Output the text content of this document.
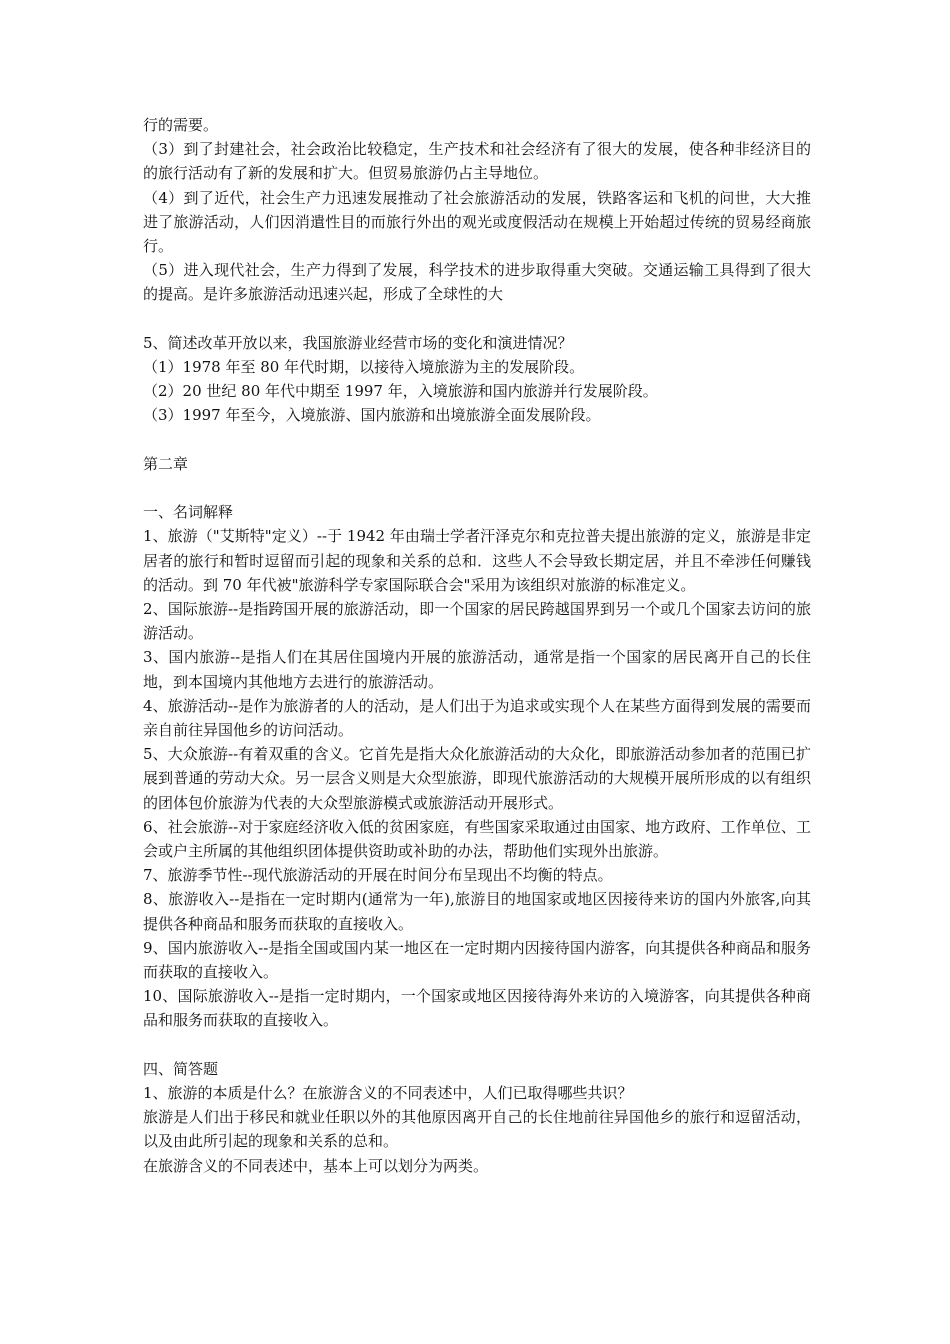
行的需要。

（3）到了封建社会，社会政治比较稳定，生产技术和社会经济有了很大的发展，使各种非经济目的的旅行活动有了新的发展和扩大。但贸易旅游仍占主导地位。

（4）到了近代，社会生产力迅速发展推动了社会旅游活动的发展，铁路客运和飞机的问世，大大推进了旅游活动，人们因消遣性目的而旅行外出的观光或度假活动在规模上开始超过传统的贸易经商旅行。

（5）进入现代社会，生产力得到了发展，科学技术的进步取得重大突破。交通运输工具得到了很大的提高。是许多旅游活动迅速兴起，形成了全球性的大

5、简述改革开放以来，我国旅游业经营市场的变化和演进情况？

（1）1978 年至 80 年代时期，以接待入境旅游为主的发展阶段。

（2）20 世纪 80 年代中期至 1997 年，入境旅游和国内旅游并行发展阶段。

（3）1997 年至今，入境旅游、国内旅游和出境旅游全面发展阶段。

第二章

一、名词解释

1、旅游（"艾斯特"定义）--于 1942 年由瑞士学者汗泽克尔和克拉普夫提出旅游的定义，旅游是非定居者的旅行和暂时逗留而引起的现象和关系的总和．这些人不会导致长期定居，并且不牵涉任何赚钱的活动。到 70 年代被"旅游科学专家国际联合会"采用为该组织对旅游的标准定义。

2、国际旅游--是指跨国开展的旅游活动，即一个国家的居民跨越国界到另一个或几个国家去访问的旅游活动。

3、国内旅游--是指人们在其居住国境内开展的旅游活动，通常是指一个国家的居民离开自己的长住地，到本国境内其他地方去进行的旅游活动。

4、旅游活动--是作为旅游者的人的活动，是人们出于为追求或实现个人在某些方面得到发展的需要而亲自前往异国他乡的访问活动。

5、大众旅游--有着双重的含义。它首先是指大众化旅游活动的大众化，即旅游活动参加者的范围已扩展到普通的劳动大众。另一层含义则是大众型旅游，即现代旅游活动的大规模开展所形成的以有组织的团体包价旅游为代表的大众型旅游模式或旅游活动开展形式。

6、社会旅游--对于家庭经济收入低的贫困家庭，有些国家采取通过由国家、地方政府、工作单位、工会或户主所属的其他组织团体提供资助或补助的办法，帮助他们实现外出旅游。

7、旅游季节性--现代旅游活动的开展在时间分布呈现出不均衡的特点。

8、旅游收入--是指在一定时期内(通常为一年),旅游目的地国家或地区因接待来访的国内外旅客,向其提供各种商品和服务而获取的直接收入。

9、国内旅游收入--是指全国或国内某一地区在一定时期内因接待国内游客，向其提供各种商品和服务而获取的直接收入。

10、国际旅游收入--是指一定时期内，一个国家或地区因接待海外来访的入境游客，向其提供各种商品和服务而获取的直接收入。

四、简答题

1、旅游的本质是什么？在旅游含义的不同表述中，人们已取得哪些共识？

旅游是人们出于移民和就业任职以外的其他原因离开自己的长住地前往异国他乡的旅行和逗留活动，以及由此所引起的现象和关系的总和。

在旅游含义的不同表述中，基本上可以划分为两类。
